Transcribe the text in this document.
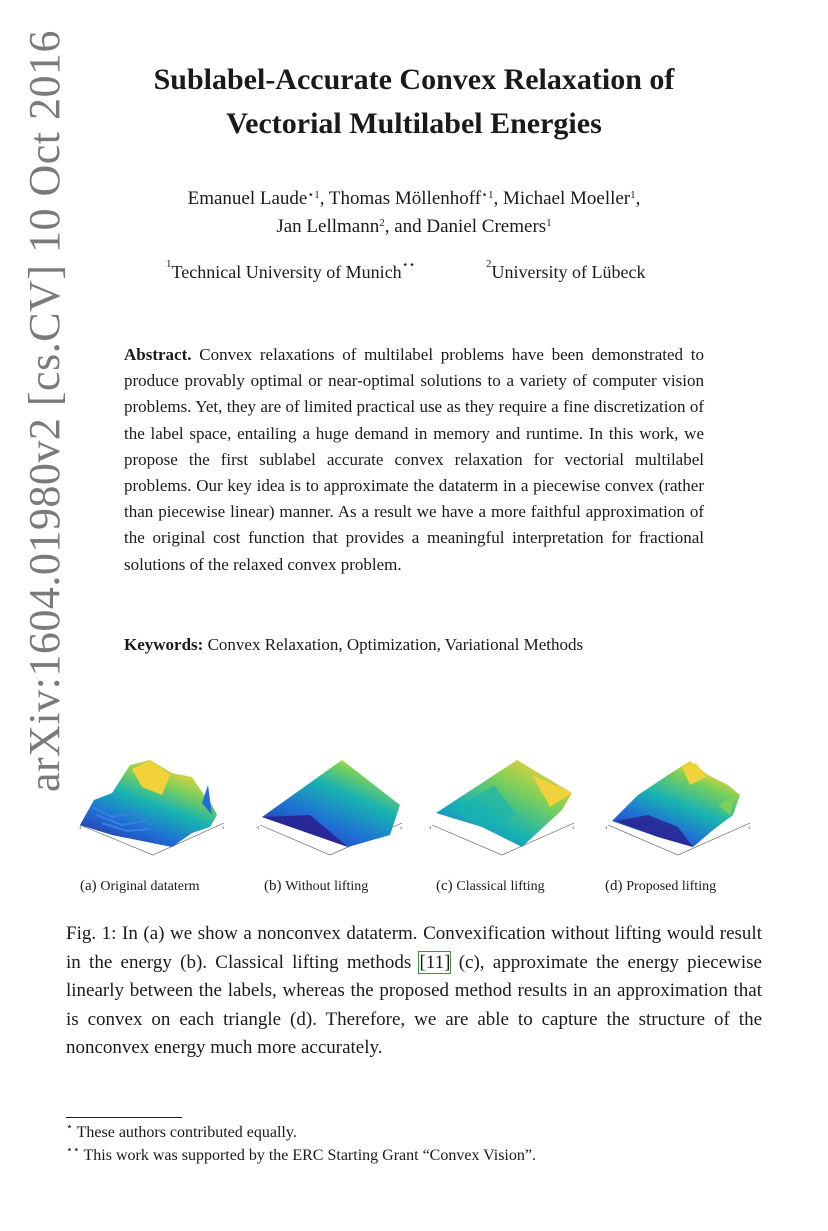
arXiv:1604.01980v2 [cs.CV] 10 Oct 2016	Sublabel-Accurate Convex Relaxation of
Vectorial Multilabel Energies
Emanuel Laude$^{⋆1}$, Thomas Möllenhoff$^{⋆1}$, Michael Moeller$^1$,
Jan Lellmann$^2$, and Daniel Cremers$^1$
$^1$Technical University of Munich⋆⋆	$^2$University of Lübeck
Abstract. Convex relaxations of multilabel problems have been demonstrated to produce provably optimal or near-optimal solutions to a variety of computer vision problems. Yet, they are of limited practical use as they require a fine discretization of the label space, entailing a huge demand in memory and runtime. In this work, we propose the first sublabel accurate convex relaxation for vectorial multilabel problems. Our key idea is to approximate the dataterm in a piecewise convex (rather than piecewise linear) manner. As a result we have a more faithful approximation of the original cost function that provides a meaningful interpretation for fractional solutions of the relaxed convex problem.
Keywords: Convex Relaxation, Optimization, Variational Methods
-4	4	-4	4	-4	4	-4	4
(a) Original dataterm	(b) Without lifting	(c) Classical lifting	(d) Proposed lifting
Fig. 1: In (a) we show a nonconvex dataterm. Convexification without lifting would result in the energy (b). Classical lifting methods [11] (c), approximate the energy piecewise linearly between the labels, whereas the proposed method results in an approximation that is convex on each triangle (d). Therefore, we are able to capture the structure of the nonconvex energy much more accurately.
⋆ These authors contributed equally.
⋆⋆ This work was supported by the ERC Starting Grant “Convex Vision”.
